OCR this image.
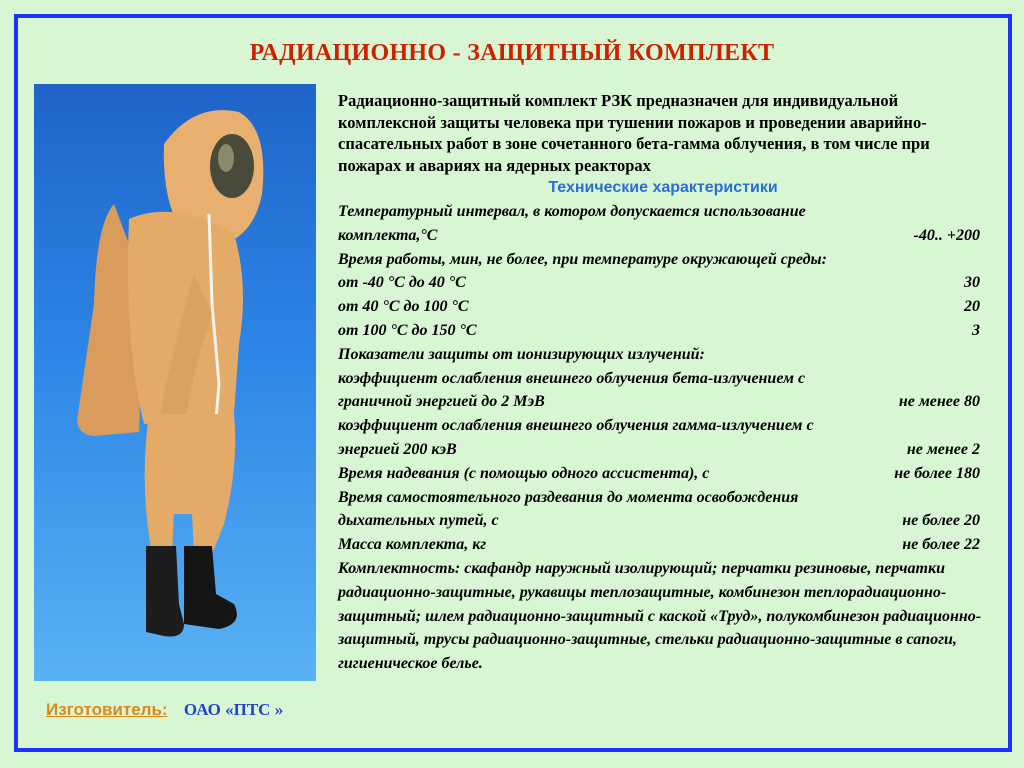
РАДИАЦИОННО - ЗАЩИТНЫЙ КОМПЛЕКТ
Изготовитель: ОАО «ПТС »

Радиационно-защитный комплект РЗК предназначен для индивидуальной комплексной защиты человека при тушении пожаров и проведении аварийно-спасательных работ в зоне сочетанного бета-гамма облучения, в том числе при пожарах и авариях на ядерных реакторах

Технические характеристики
Температурный интервал, в котором допускается использование
комплекта,°С	-40.. +200
Время работы, мин, не более, при температуре окружающей среды:
от -40 °С до 40 °С	30
от 40 °С до 100 °С	20
от 100 °С до 150 °С	3
Показатели защиты от ионизирующих излучений:
коэффициент ослабления внешнего облучения бета-излучением с
граничной энергией до 2 МэВ	не менее 80
коэффициент ослабления внешнего облучения гамма-излучением с
энергией 200 кэВ	не менее 2
Время надевания (с помощью одного ассистента), с	не более 180
Время самостоятельного раздевания до момента освобождения
дыхательных путей, с	не более 20
Масса комплекта, кг	не более 22

Комплектность: скафандр наружный изолирующий; перчатки резиновые, перчатки радиационно-защитные, рукавицы теплозащитные, комбинезон теплорадиационно-защитный; шлем радиационно-защитный с каской «Труд», полукомбинезон радиационно-защитный, трусы радиационно-защитные, стельки радиационно-защитные в сапоги, гигиеническое белье.
